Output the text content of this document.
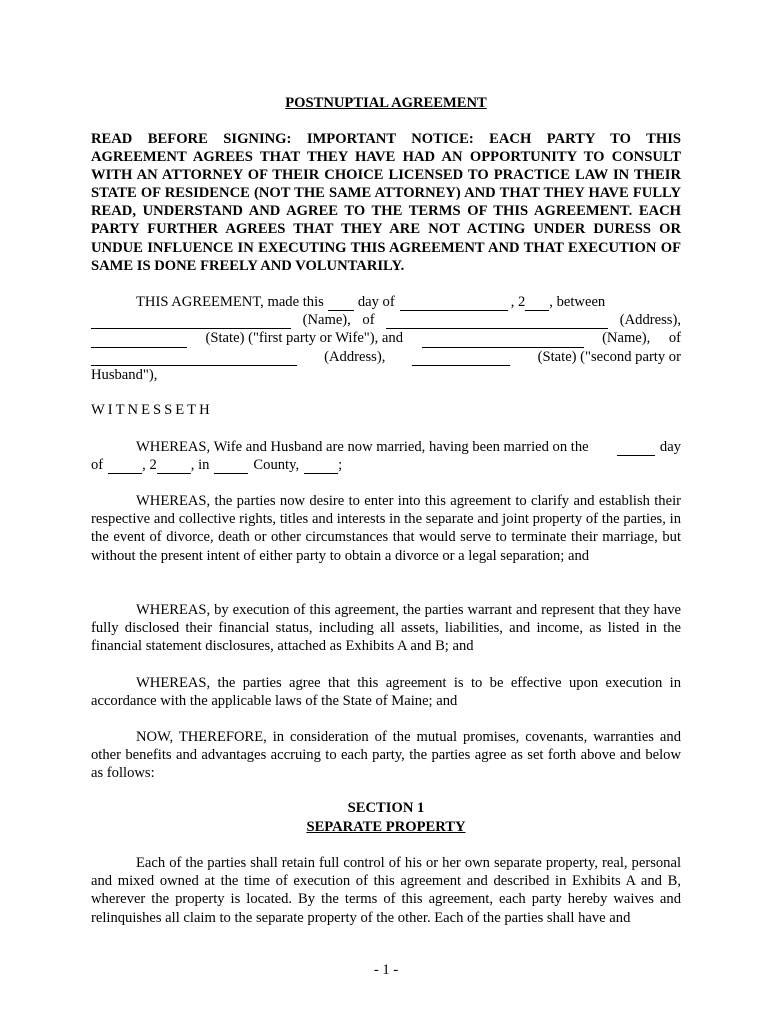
POSTNUPTIAL AGREEMENT
READ BEFORE SIGNING: IMPORTANT NOTICE: EACH PARTY TO THIS AGREEMENT AGREES THAT THEY HAVE HAD AN OPPORTUNITY TO CONSULT WITH AN ATTORNEY OF THEIR CHOICE LICENSED TO PRACTICE LAW IN THEIR STATE OF RESIDENCE (NOT THE SAME ATTORNEY) AND THAT THEY HAVE FULLY READ, UNDERSTAND AND AGREE TO THE TERMS OF THIS AGREEMENT. EACH PARTY FURTHER AGREES THAT THEY ARE NOT ACTING UNDER DURESS OR UNDUE INFLUENCE IN EXECUTING THIS AGREEMENT AND THAT EXECUTION OF SAME IS DONE FREELY AND VOLUNTARILY.
THIS AGREEMENT, made this day of	, 2 , between
(Name), of	(Address),
(State) ("first party or Wife"), and	(Name), of
(Address),	(State) ("second party or
Husband"),
WITNESSETH
WHEREAS, Wife and Husband are now married, having been married on the	day
of	, 2 , in	County,	;
WHEREAS, the parties now desire to enter into this agreement to clarify and establish their respective and collective rights, titles and interests in the separate and joint property of the parties, in the event of divorce, death or other circumstances that would serve to terminate their marriage, but without the present intent of either party to obtain a divorce or a legal separation; and
WHEREAS, by execution of this agreement, the parties warrant and represent that they have fully disclosed their financial status, including all assets, liabilities, and income, as listed in the financial statement disclosures, attached as Exhibits A and B; and
WHEREAS, the parties agree that this agreement is to be effective upon execution in accordance with the applicable laws of the State of Maine; and
NOW, THEREFORE, in consideration of the mutual promises, covenants, warranties and other benefits and advantages accruing to each party, the parties agree as set forth above and below as follows:
SECTION 1
SEPARATE PROPERTY
Each of the parties shall retain full control of his or her own separate property, real, personal and mixed owned at the time of execution of this agreement and described in Exhibits A and B, wherever the property is located. By the terms of this agreement, each party hereby waives and relinquishes all claim to the separate property of the other. Each of the parties shall have and
- 1 -
